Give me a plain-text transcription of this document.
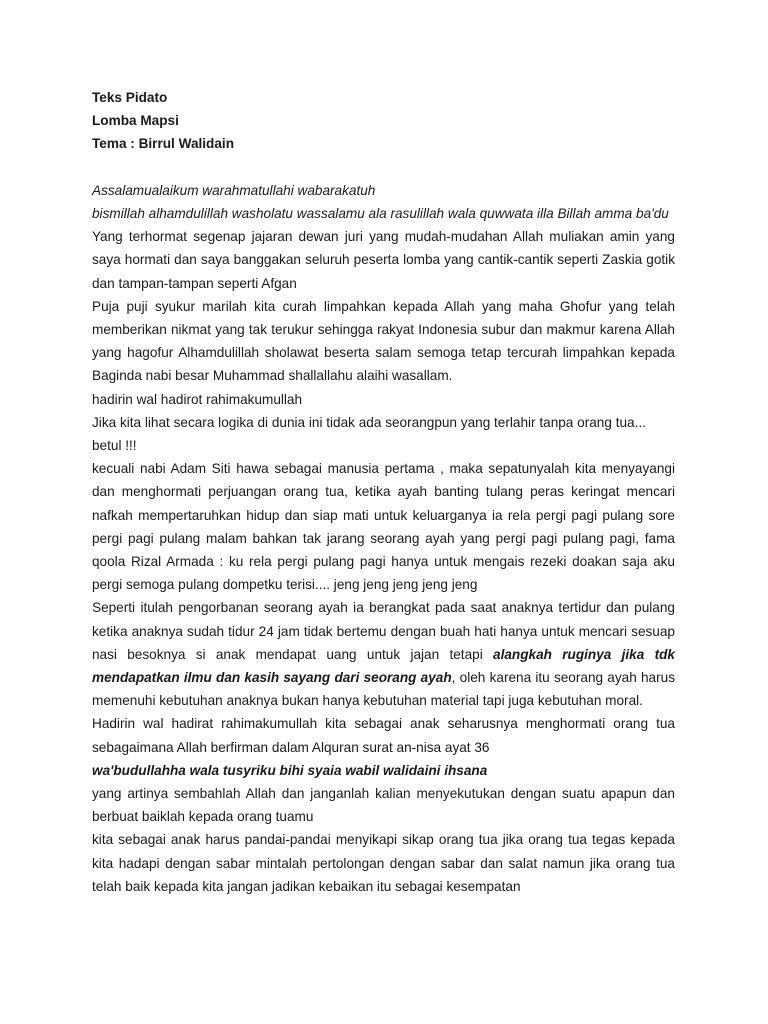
Teks Pidato

Lomba Mapsi

Tema : Birrul Walidain

Assalamualaikum warahmatullahi wabarakatuh

bismillah alhamdulillah washolatu wassalamu ala rasulillah wala quwwata illa Billah amma ba'du

Yang terhormat segenap jajaran dewan juri yang mudah-mudahan Allah muliakan amin yang saya hormati dan saya banggakan seluruh peserta lomba yang cantik-cantik seperti Zaskia gotik dan tampan-tampan seperti Afgan

Puja puji syukur marilah kita curah limpahkan kepada Allah yang maha Ghofur yang telah memberikan nikmat yang tak terukur sehingga rakyat Indonesia subur dan makmur karena Allah yang hagofur Alhamdulillah sholawat beserta salam semoga tetap tercurah limpahkan kepada Baginda nabi besar Muhammad shallallahu alaihi wasallam.

hadirin wal hadirot rahimakumullah

Jika kita lihat secara logika di dunia ini tidak ada seorangpun yang terlahir tanpa orang tua... betul !!!

kecuali nabi Adam Siti hawa sebagai manusia pertama , maka sepatunyalah kita menyayangi dan menghormati perjuangan orang tua, ketika ayah banting tulang peras keringat mencari nafkah mempertaruhkan hidup dan siap mati untuk keluarganya ia rela pergi pagi pulang sore pergi pagi pulang malam bahkan tak jarang seorang ayah yang pergi pagi pulang pagi, fama qoola Rizal Armada : ku rela pergi pulang pagi hanya untuk mengais rezeki doakan saja aku pergi semoga pulang dompetku terisi.... jeng jeng jeng jeng jeng

Seperti itulah pengorbanan seorang ayah ia berangkat pada saat anaknya tertidur dan pulang ketika anaknya sudah tidur 24 jam tidak bertemu dengan buah hati hanya untuk mencari sesuap nasi besoknya si anak mendapat uang untuk jajan tetapi alangkah ruginya jika tdk mendapatkan ilmu dan kasih sayang dari seorang ayah, oleh karena itu seorang ayah harus memenuhi kebutuhan anaknya bukan hanya kebutuhan material tapi juga kebutuhan moral.

Hadirin wal hadirat rahimakumullah kita sebagai anak seharusnya menghormati orang tua sebagaimana Allah berfirman dalam Alquran surat an-nisa ayat 36

wa'budullahha wala tusyriku bihi syaia wabil walidaini ihsana

yang artinya sembahlah Allah dan janganlah kalian menyekutukan dengan suatu apapun dan berbuat baiklah kepada orang tuamu

kita sebagai anak harus pandai-pandai menyikapi sikap orang tua jika orang tua tegas kepada kita hadapi dengan sabar mintalah pertolongan dengan sabar dan salat namun jika orang tua telah baik kepada kita jangan jadikan kebaikan itu sebagai kesempatan
